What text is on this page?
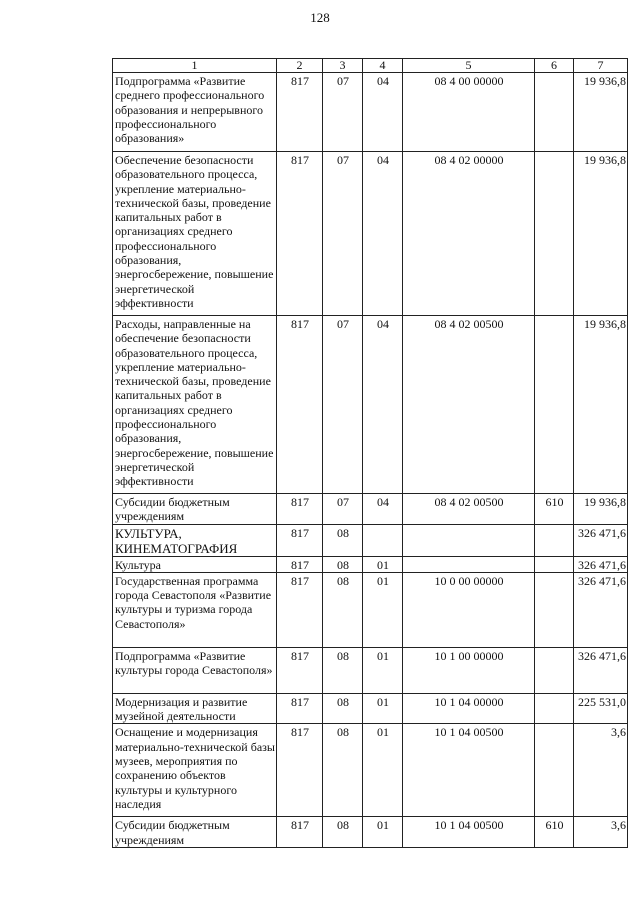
128
1	2	3	4	5	6	7
Подпрограмма «Развитие среднего профессионального образования и непрерывного профессионального образования»	817	07	04	08 4 00 00000		19 936,8
Обеспечение безопасности образовательного процесса, укрепление материально-технической базы, проведение капитальных работ в организациях среднего профессионального образования, энергосбережение, повышение энергетической эффективности	817	07	04	08 4 02 00000		19 936,8
Расходы, направленные на обеспечение безопасности образовательного процесса, укрепление материально-технической базы, проведение капитальных работ в организациях среднего профессионального образования, энергосбережение, повышение энергетической эффективности	817	07	04	08 4 02 00500		19 936,8
Субсидии бюджетным учреждениям	817	07	04	08 4 02 00500	610	19 936,8
КУЛЬТУРА, КИНЕМАТОГРАФИЯ	817	08				326 471,6
Культура	817	08	01			326 471,6
Государственная программа города Севастополя «Развитие культуры и туризма города Севастополя»	817	08	01	10 0 00 00000		326 471,6
Подпрограмма «Развитие культуры города Севастополя»	817	08	01	10 1 00 00000		326 471,6
Модернизация и развитие музейной деятельности	817	08	01	10 1 04 00000		225 531,0
Оснащение и модернизация материально-технической базы музеев, мероприятия по сохранению объектов культуры и культурного наследия	817	08	01	10 1 04 00500		3,6
Субсидии бюджетным учреждениям	817	08	01	10 1 04 00500	610	3,6
